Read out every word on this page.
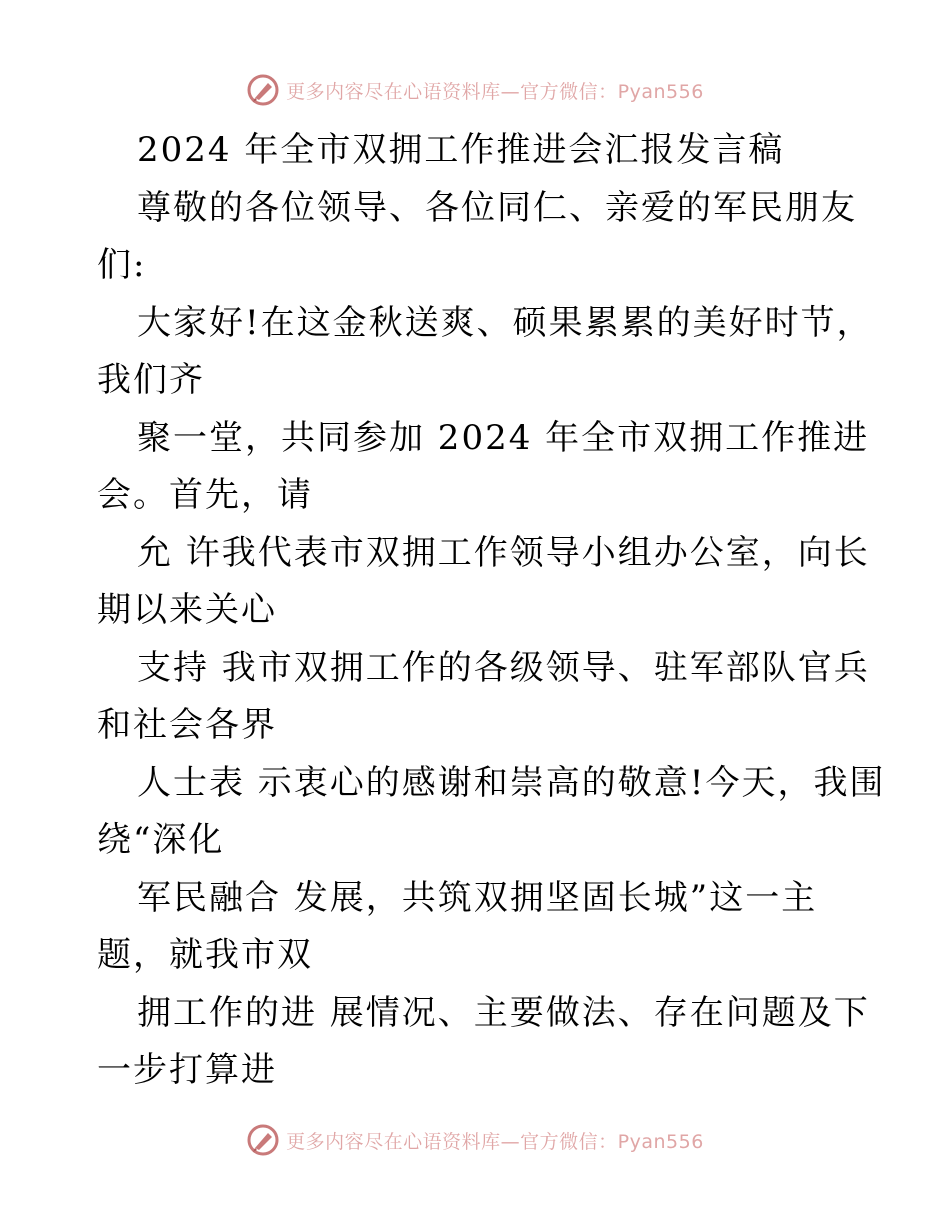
更多内容尽在心语资料库—官方微信：Pyan556
2024 年全市双拥工作推进会汇报发言稿
尊敬的各位领导、各位同仁、亲爱的军民朋友
们:
大家好!在这金秋送爽、硕果累累的美好时节，
我们齐
聚一堂，共同参加 2024 年全市双拥工作推进
会。首先，请
允 许我代表市双拥工作领导小组办公室，向长
期以来关心
支持 我市双拥工作的各级领导、驻军部队官兵
和社会各界
人士表 示衷心的感谢和崇高的敬意!今天，我围
绕“深化
军民融合 发展，共筑双拥坚固长城”这一主
题，就我市双
拥工作的进 展情况、主要做法、存在问题及下
一步打算进
更多内容尽在心语资料库—官方微信：Pyan556
